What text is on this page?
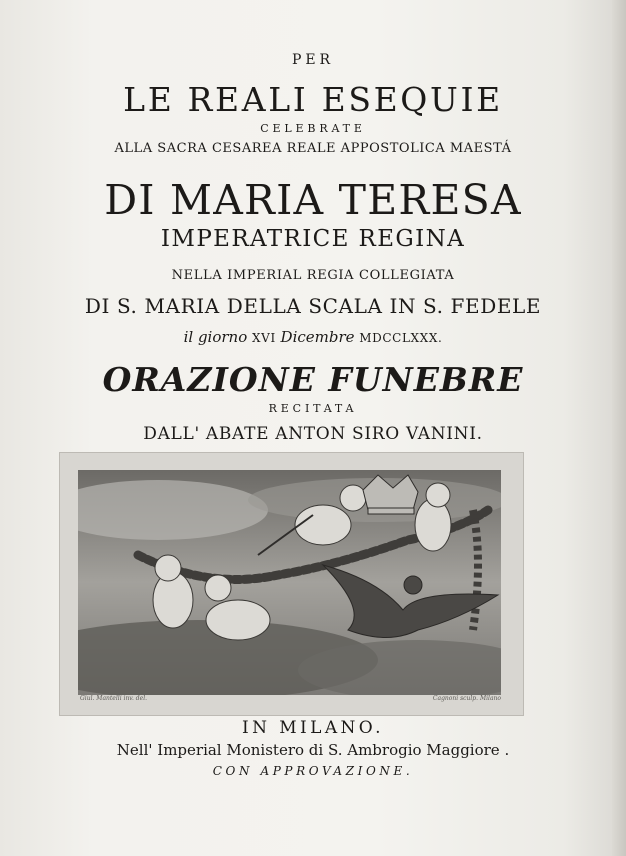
PER
LE REALI ESEQUIE
CELEBRATE
ALLA SACRA CESAREA REALE APPOSTOLICA MAESTÁ
DI MARIA TERESA
IMPERATRICE REGINA
NELLA IMPERIAL REGIA COLLEGIATA
DI S. MARIA DELLA SCALA IN S. FEDELE
il giorno XVI Dicembre MDCCLXXX.
ORAZIONE FUNEBRE
RECITATA
DALL' ABATE ANTON SIRO VANINI.
Giul. Mantelli inv. del.	Cagnoni sculp. Milano
IN MILANO.
Nell' Imperial Monistero di S. Ambrogio Maggiore .
CON APPROVAZIONE.
